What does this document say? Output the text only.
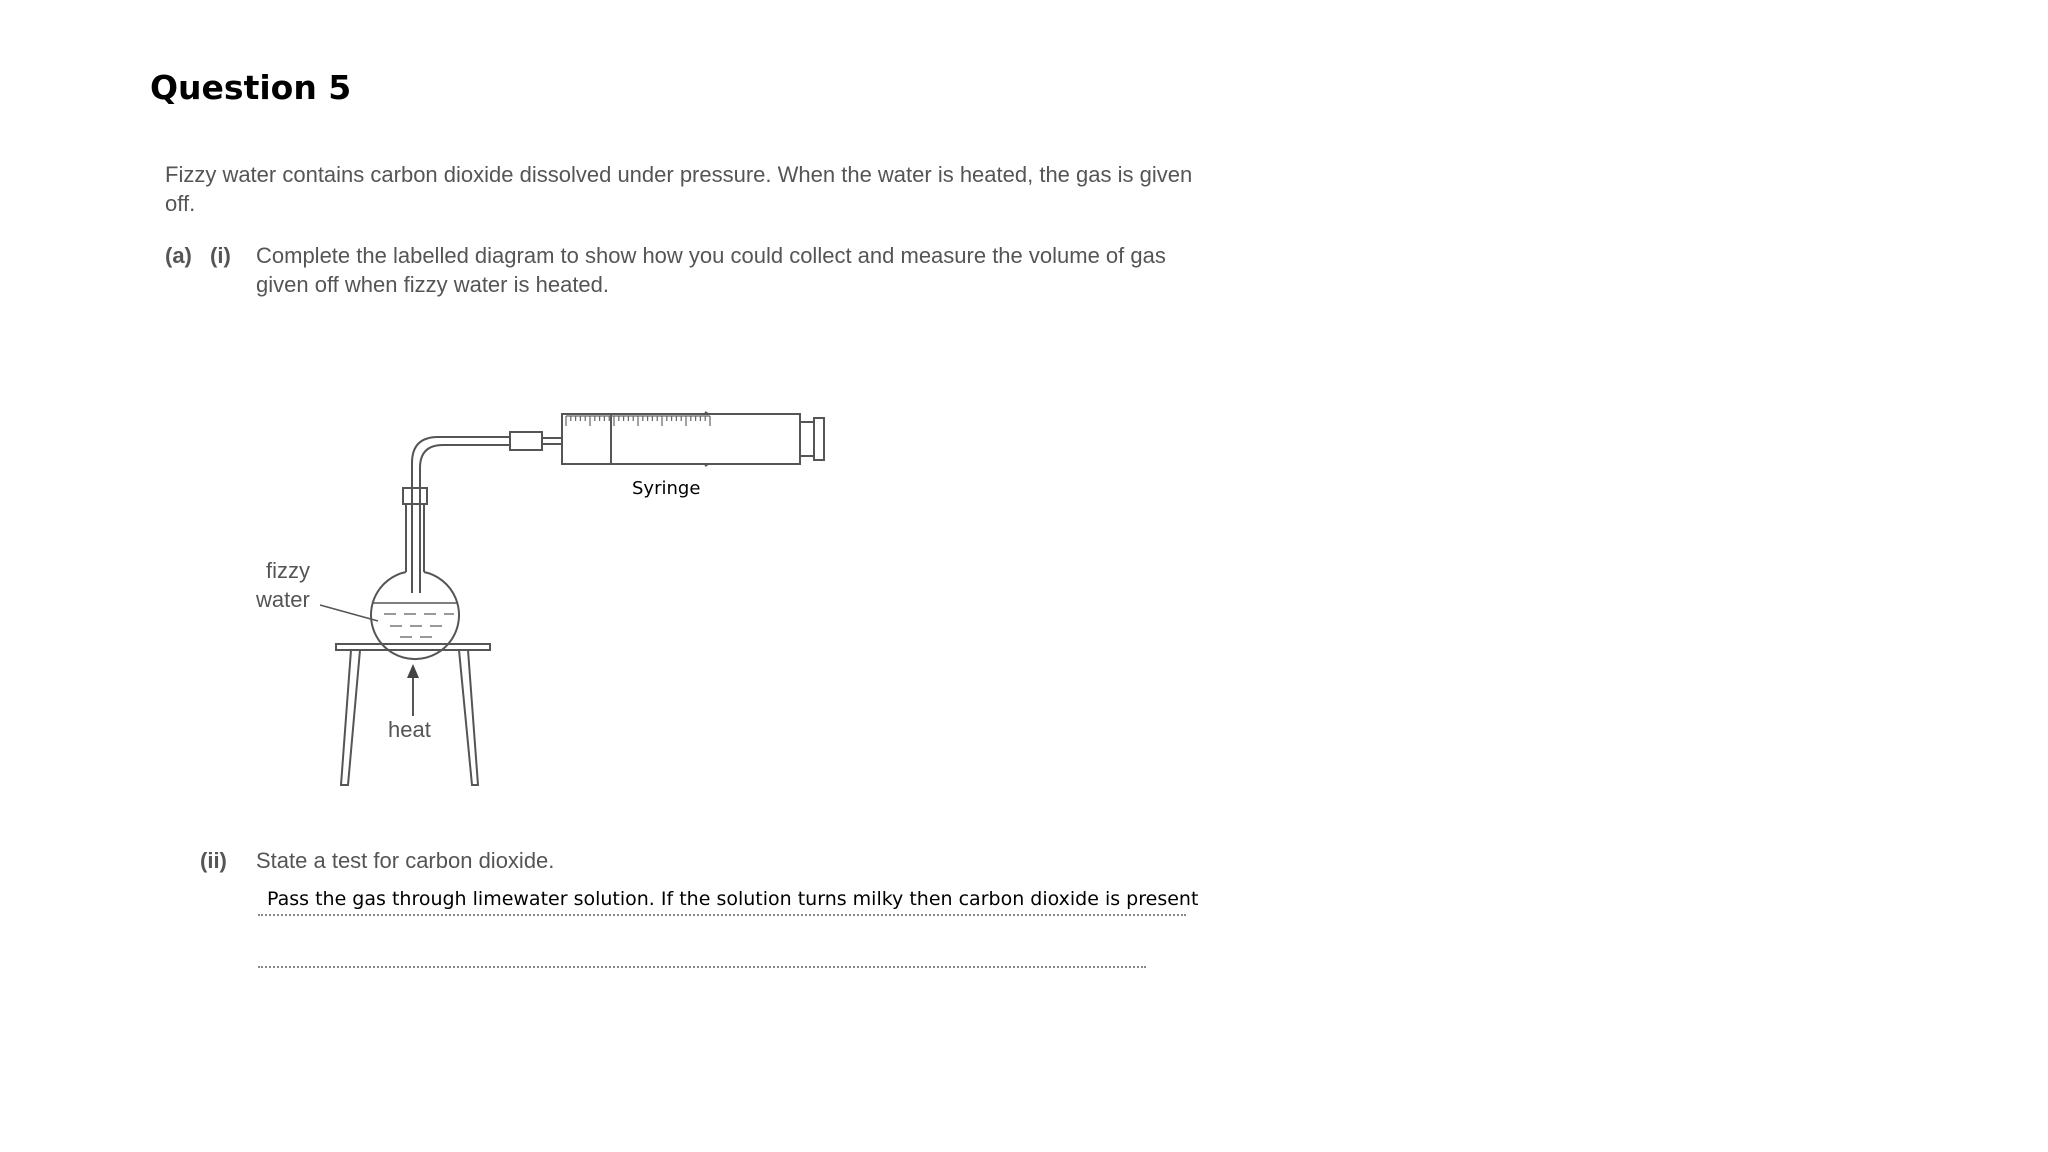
Question 5
Fizzy water contains carbon dioxide dissolved under pressure. When the water is heated, the gas is given off.
(a) (i) Complete the labelled diagram to show how you could collect and measure the volume of gas given off when fizzy water is heated.
Syringe
fizzy
water
heat
(ii) State a test for carbon dioxide.
Pass the gas through limewater solution. If the solution turns milky then carbon dioxide is present
